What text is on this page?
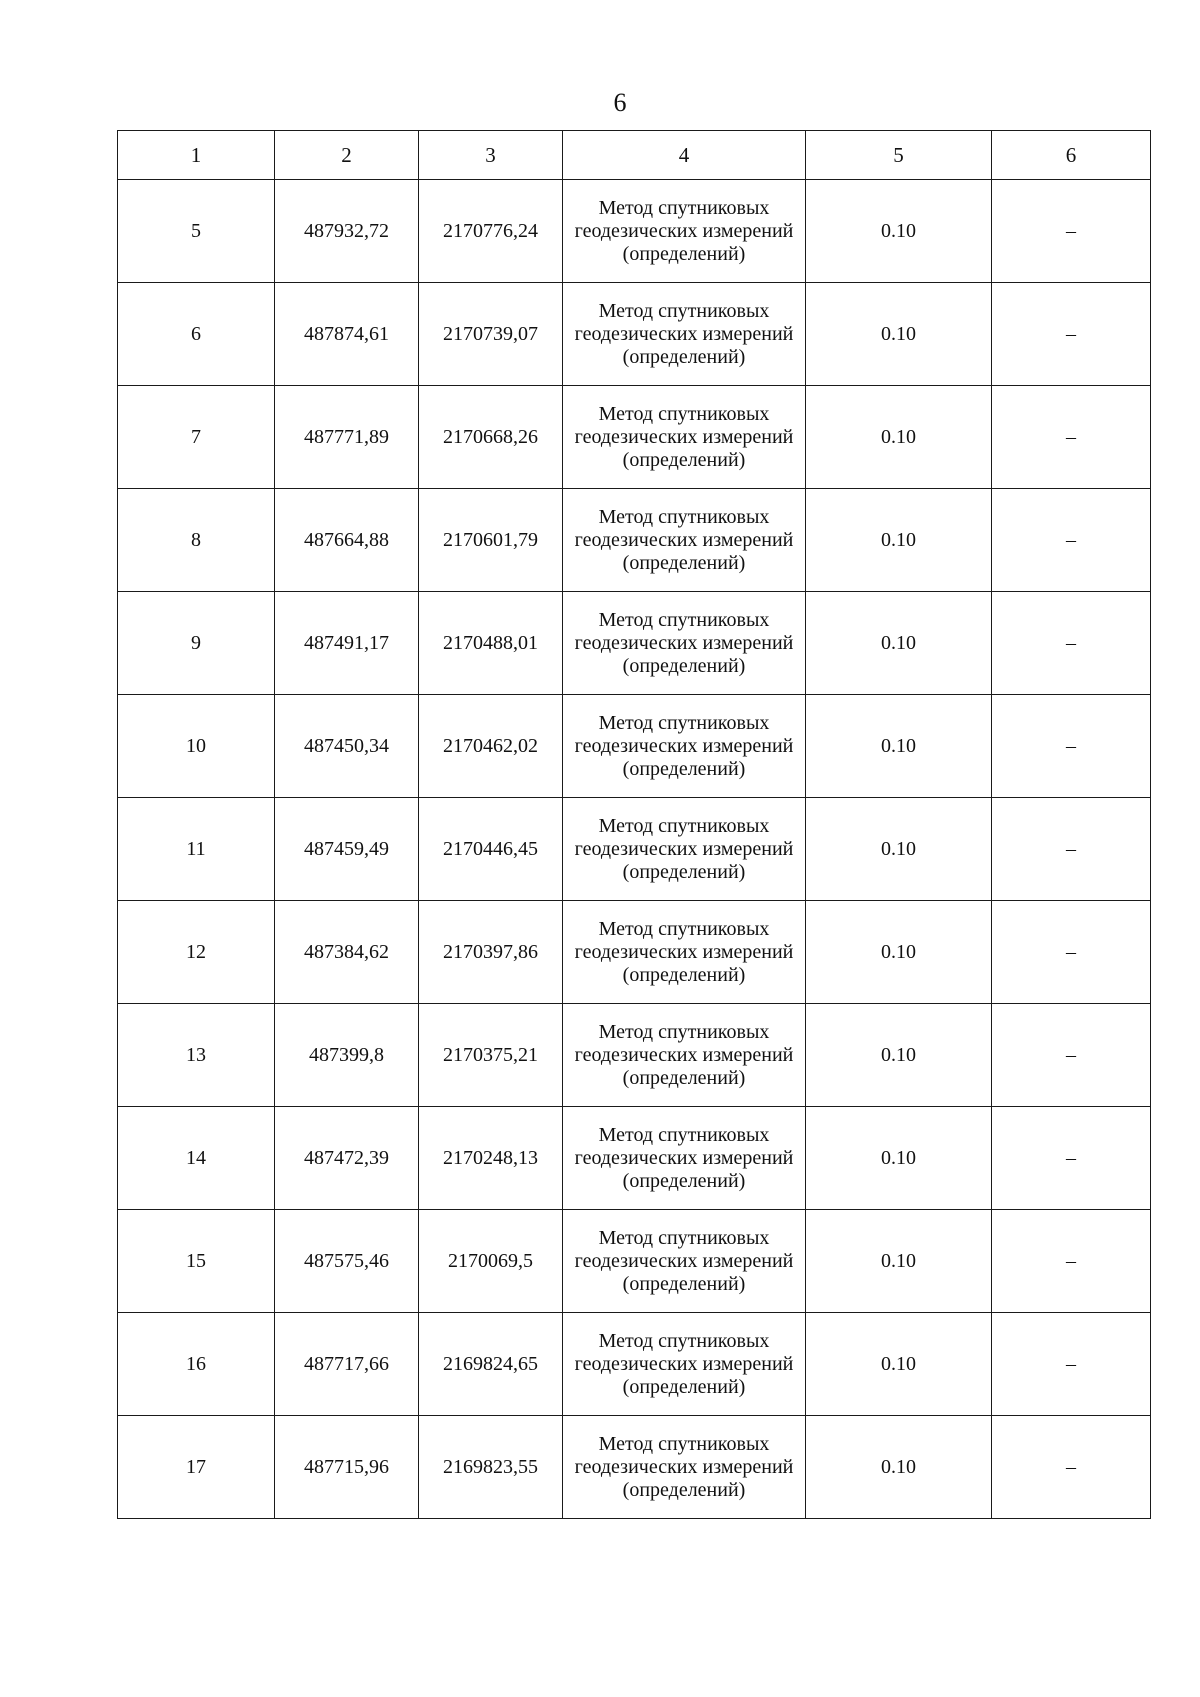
6
1	2	3	4	5	6
5	487932,72	2170776,24	Метод спутниковых геодезических измерений (определений)	0.10	–
6	487874,61	2170739,07	Метод спутниковых геодезических измерений (определений)	0.10	–
7	487771,89	2170668,26	Метод спутниковых геодезических измерений (определений)	0.10	–
8	487664,88	2170601,79	Метод спутниковых геодезических измерений (определений)	0.10	–
9	487491,17	2170488,01	Метод спутниковых геодезических измерений (определений)	0.10	–
10	487450,34	2170462,02	Метод спутниковых геодезических измерений (определений)	0.10	–
11	487459,49	2170446,45	Метод спутниковых геодезических измерений (определений)	0.10	–
12	487384,62	2170397,86	Метод спутниковых геодезических измерений (определений)	0.10	–
13	487399,8	2170375,21	Метод спутниковых геодезических измерений (определений)	0.10	–
14	487472,39	2170248,13	Метод спутниковых геодезических измерений (определений)	0.10	–
15	487575,46	2170069,5	Метод спутниковых геодезических измерений (определений)	0.10	–
16	487717,66	2169824,65	Метод спутниковых геодезических измерений (определений)	0.10	–
17	487715,96	2169823,55	Метод спутниковых геодезических измерений (определений)	0.10	–
